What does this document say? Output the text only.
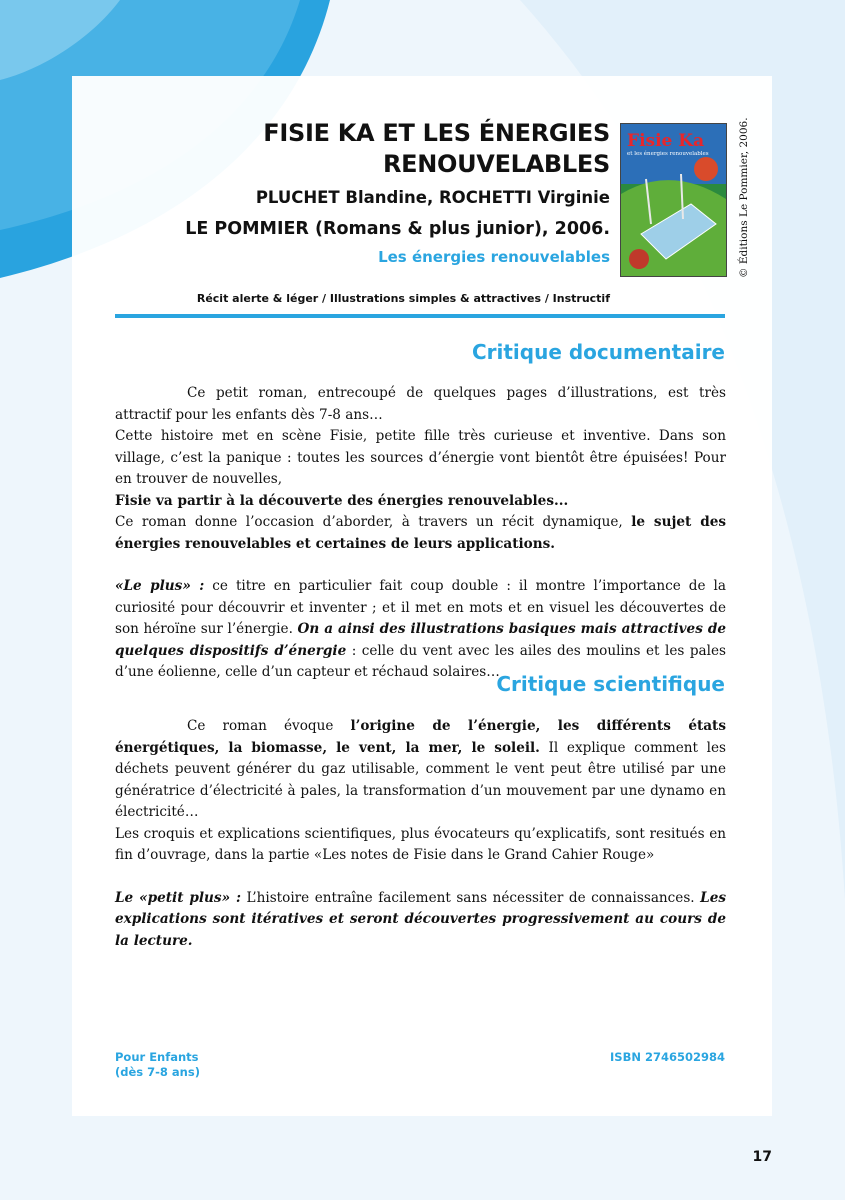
FISIE KA ET LES ÉNERGIES
RENOUVELABLES
PLUCHET Blandine, ROCHETTI Virginie
LE POMMIER (Romans & plus junior), 2006.
Les énergies renouvelables
Récit alerte & léger / Illustrations simples & attractives / Instructif
Fisie Ka
et les énergies renouvelables	© Éditions Le Pommier, 2006.
Critique documentaire

Ce petit roman, entrecoupé de quelques pages d’illustrations, est très attractif pour les enfants dès 7-8 ans…

Cette histoire met en scène Fisie, petite fille très curieuse et inventive. Dans son village, c’est la panique : toutes les sources d’énergie vont bientôt être épuisées! Pour en trouver de nouvelles,
Fisie va partir à la découverte des énergies renouvelables...

Ce roman donne l’occasion d’aborder, à travers un récit dynamique, le sujet des énergies renouvelables et certaines de leurs applications.

«Le plus» : ce titre en particulier fait coup double : il montre l’importance de la curiosité pour découvrir et inventer ; et il met en mots et en visuel les découvertes de son héroïne sur l’énergie. On a ainsi des illustrations basiques mais attractives de quelques dispositifs d’énergie : celle du vent avec les ailes des moulins et les pales d’une éolienne, celle d’un capteur et réchaud solaires…

Critique scientifique

Ce roman évoque l’origine de l’énergie, les différents états énergétiques, la biomasse, le vent, la mer, le soleil. Il explique comment les déchets peuvent générer du gaz utilisable, comment le vent peut être utilisé par une génératrice d’électricité à pales, la transformation d’un mouvement par une dynamo en électricité…

Les croquis et explications scientifiques, plus évocateurs qu’explicatifs, sont resitués en fin d’ouvrage, dans la partie «Les notes de Fisie dans le Grand Cahier Rouge»

Le «petit plus» : L’histoire entraîne facilement sans nécessiter de connaissances. Les explications sont itératives et seront découvertes progressivement au cours de la lecture.

Pour Enfants
(dès 7-8 ans)
ISBN 2746502984
17
